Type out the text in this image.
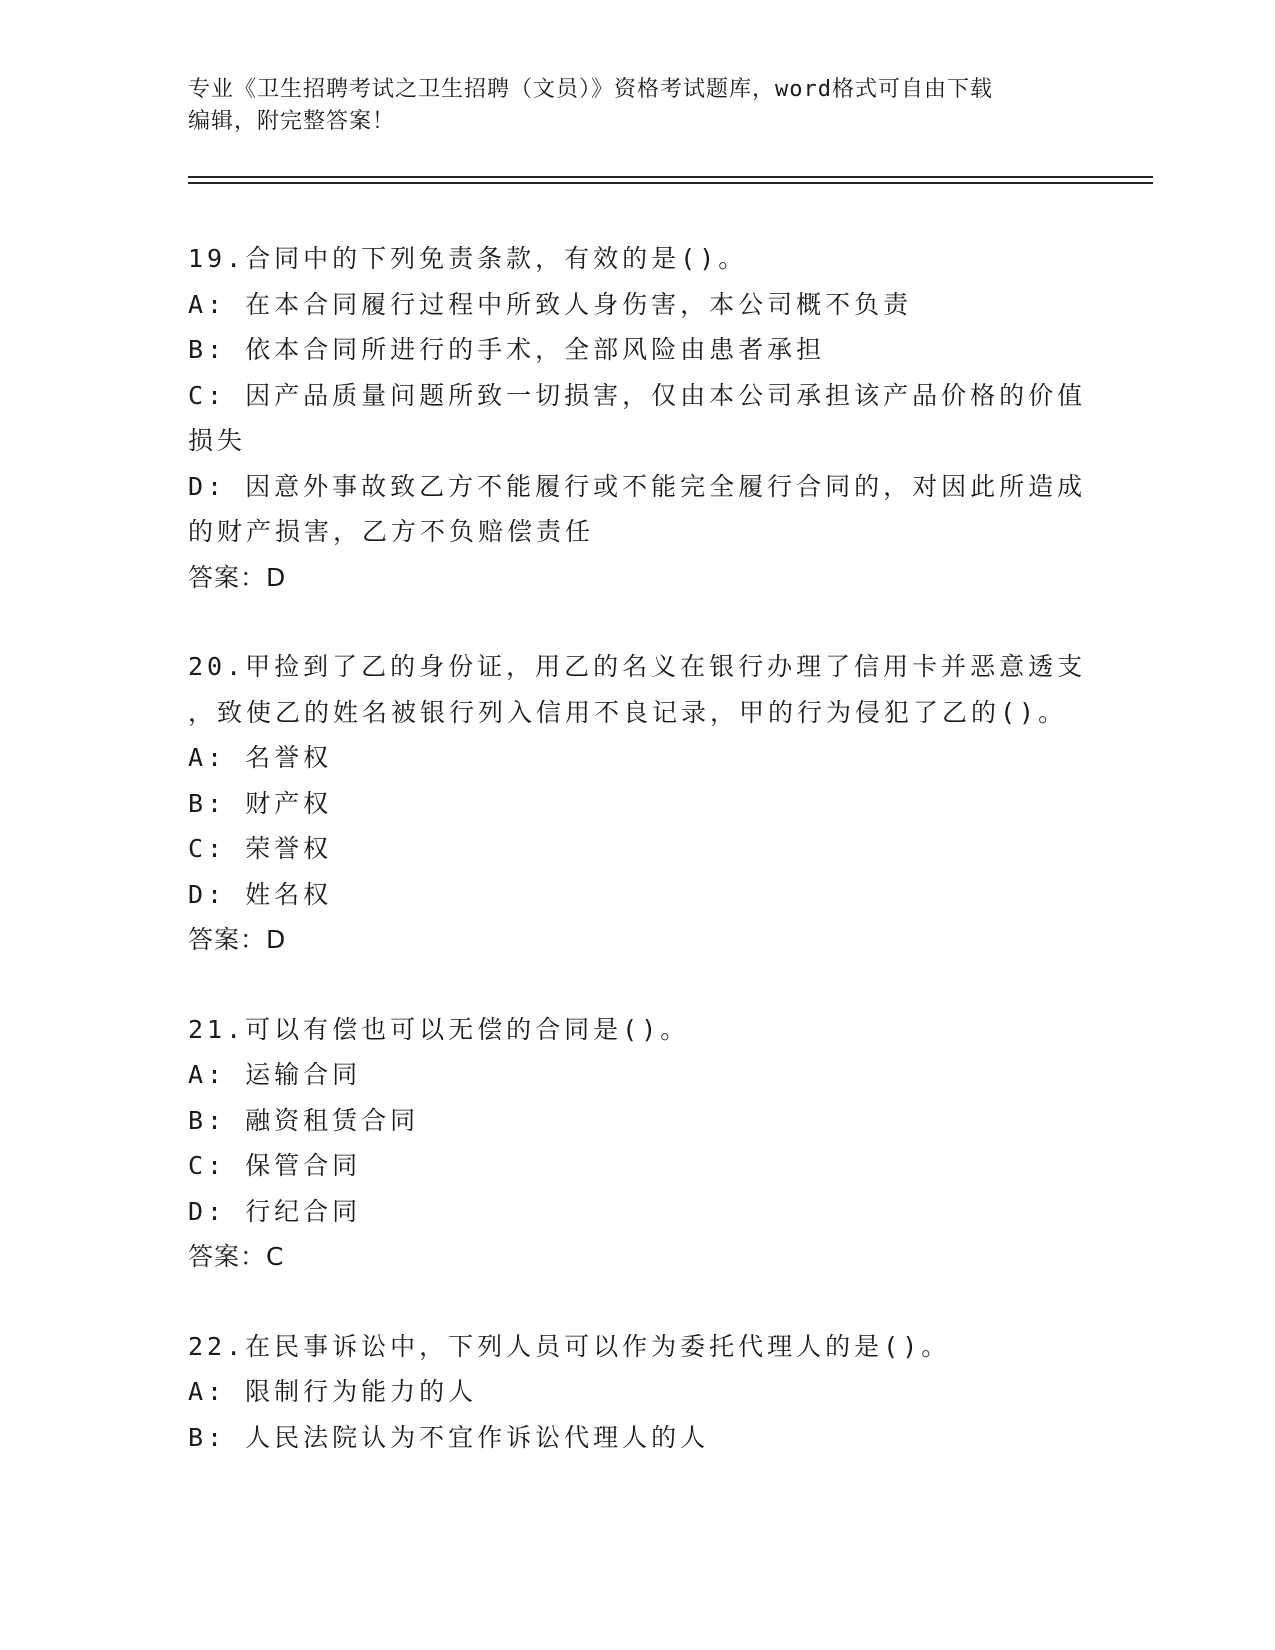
专业《卫生招聘考试之卫生招聘（文员）》资格考试题库，word格式可自由下载
编辑，附完整答案！
19.合同中的下列免责条款，有效的是()。
A: 在本合同履行过程中所致人身伤害，本公司概不负责
B: 依本合同所进行的手术，全部风险由患者承担
C: 因产品质量问题所致一切损害，仅由本公司承担该产品价格的价值
损失
D: 因意外事故致乙方不能履行或不能完全履行合同的，对因此所造成
的财产损害，乙方不负赔偿责任
答案：D
20.甲捡到了乙的身份证，用乙的名义在银行办理了信用卡并恶意透支
，致使乙的姓名被银行列入信用不良记录，甲的行为侵犯了乙的()。
A: 名誉权
B: 财产权
C: 荣誉权
D: 姓名权
答案：D
21.可以有偿也可以无偿的合同是()。
A: 运输合同
B: 融资租赁合同
C: 保管合同
D: 行纪合同
答案：C
22.在民事诉讼中，下列人员可以作为委托代理人的是()。
A: 限制行为能力的人
B: 人民法院认为不宜作诉讼代理人的人
